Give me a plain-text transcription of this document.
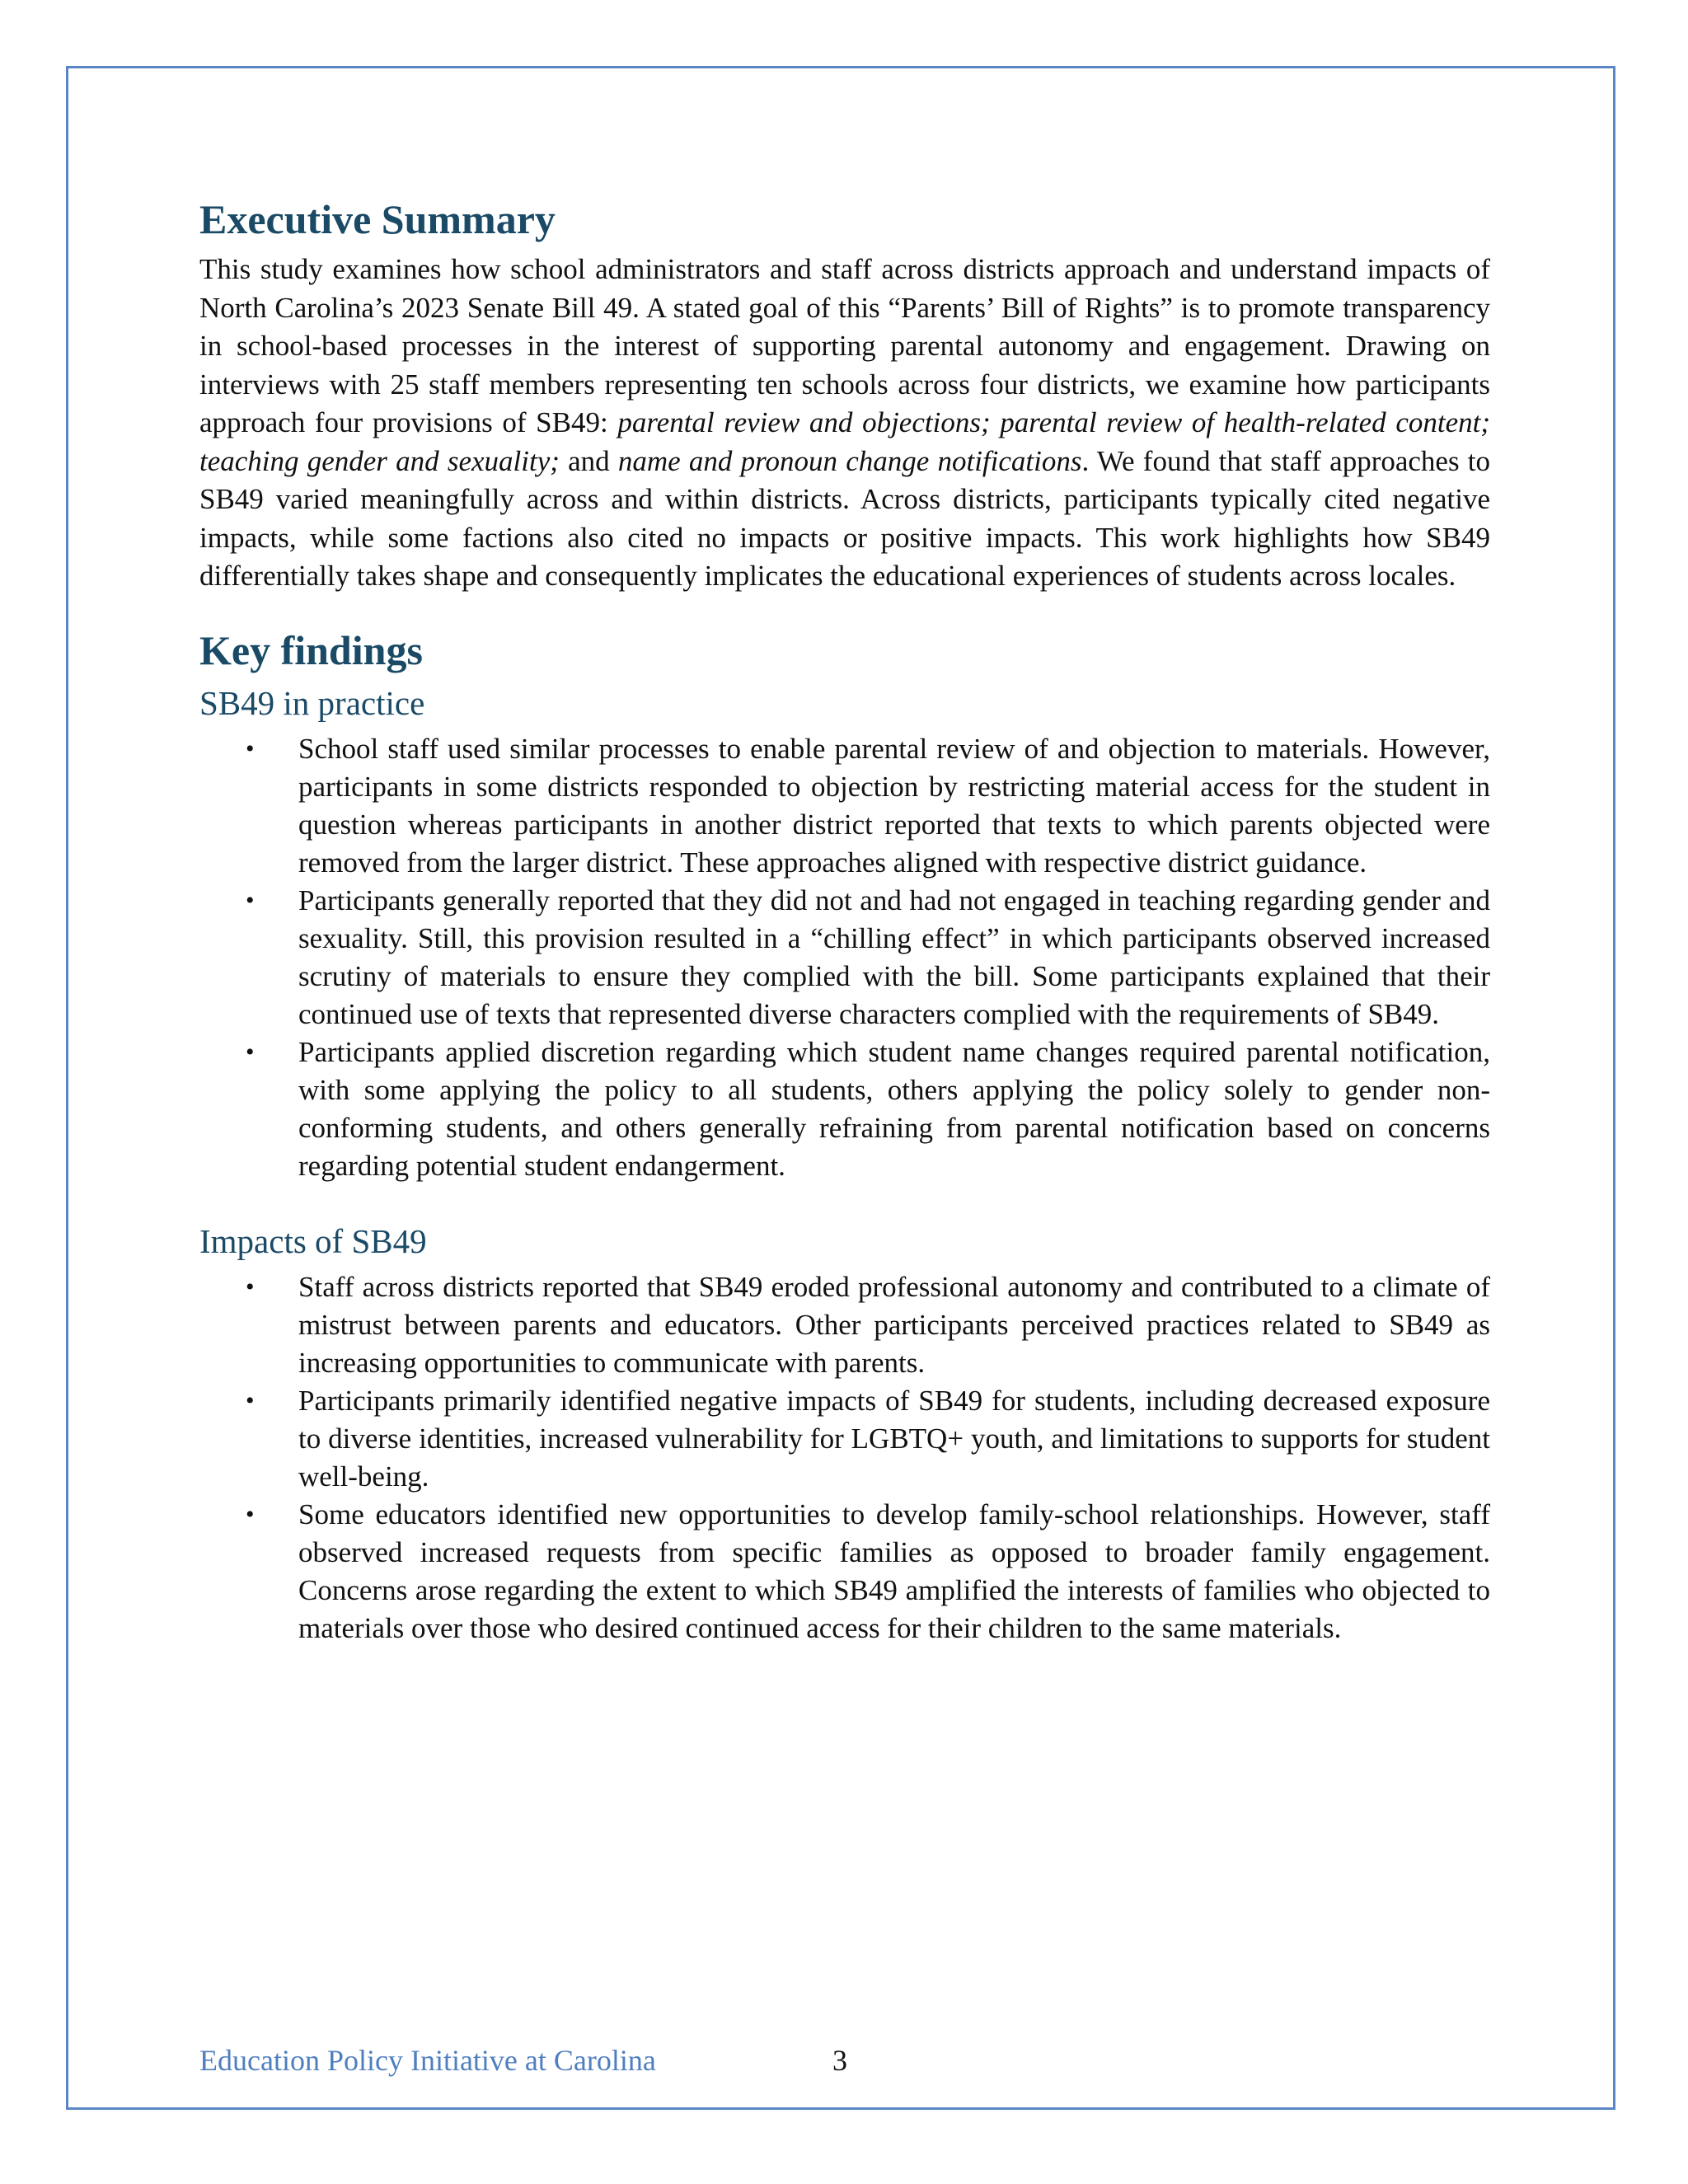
Executive Summary

This study examines how school administrators and staff across districts approach and understand impacts of North Carolina’s 2023 Senate Bill 49. A stated goal of this “Parents’ Bill of Rights” is to promote transparency in school-based processes in the interest of supporting parental autonomy and engagement. Drawing on interviews with 25 staff members representing ten schools across four districts, we examine how participants approach four provisions of SB49: parental review and objections; parental review of health-related content; teaching gender and sexuality; and name and pronoun change notifications. We found that staff approaches to SB49 varied meaningfully across and within districts. Across districts, participants typically cited negative impacts, while some factions also cited no impacts or positive impacts. This work highlights how SB49 differentially takes shape and consequently implicates the educational experiences of students across locales.

Key findings
SB49 in practice
• School staff used similar processes to enable parental review of and objection to materials. However, participants in some districts responded to objection by restricting material access for the student in question whereas participants in another district reported that texts to which parents objected were removed from the larger district. These approaches aligned with respective district guidance.
• Participants generally reported that they did not and had not engaged in teaching regarding gender and sexuality. Still, this provision resulted in a “chilling effect” in which participants observed increased scrutiny of materials to ensure they complied with the bill. Some participants explained that their continued use of texts that represented diverse characters complied with the requirements of SB49.
• Participants applied discretion regarding which student name changes required parental notification, with some applying the policy to all students, others applying the policy solely to gender non-conforming students, and others generally refraining from parental notification based on concerns regarding potential student endangerment.
Impacts of SB49
• Staff across districts reported that SB49 eroded professional autonomy and contributed to a climate of mistrust between parents and educators. Other participants perceived practices related to SB49 as increasing opportunities to communicate with parents.
• Participants primarily identified negative impacts of SB49 for students, including decreased exposure to diverse identities, increased vulnerability for LGBTQ+ youth, and limitations to supports for student well-being.
• Some educators identified new opportunities to develop family-school relationships. However, staff observed increased requests from specific families as opposed to broader family engagement. Concerns arose regarding the extent to which SB49 amplified the interests of families who objected to materials over those who desired continued access for their children to the same materials.
Education Policy Initiative at Carolina	3
